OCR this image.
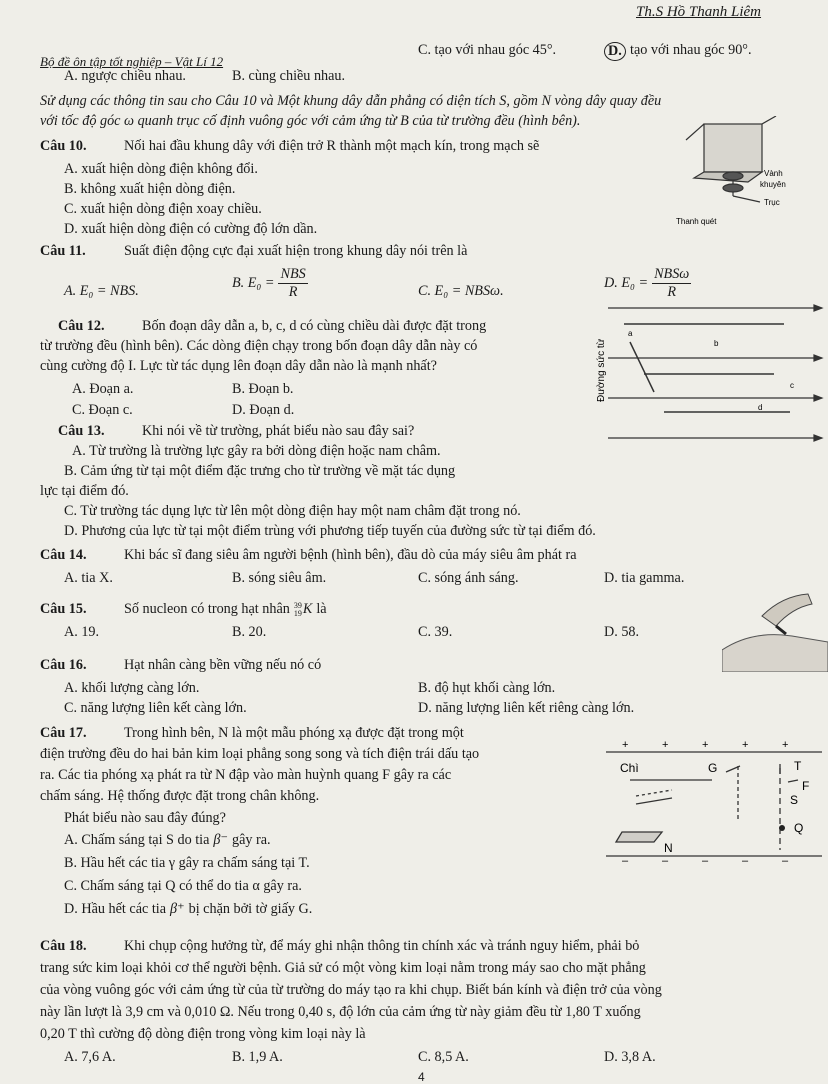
Th.S Hồ Thanh Liêm
Bộ đề ôn tập tốt nghiệp – Vật Lí 12
A. ngược chiều nhau.	B. cùng chiều nhau.
C. tạo với nhau góc 45°.	D. tạo với nhau góc 90°.
Sử dụng các thông tin sau cho Câu 10 và Một khung dây dẫn phẳng có diện tích S, gồm N vòng dây quay đều
với tốc độ góc ω quanh trục cố định vuông góc với cảm ứng từ B của từ trường đều (hình bên).
Câu 10.	Nối hai đầu khung dây với điện trở R thành một mạch kín, trong mạch sẽ
A. xuất hiện dòng điện không đổi.
B. không xuất hiện dòng điện.
C. xuất hiện dòng điện xoay chiều.
D. xuất hiện dòng điện có cường độ lớn dần.
Vành
khuyên
Trục
Thanh quét
Câu 11.	Suất điện động cực đại xuất hiện trong khung dây nói trên là
A. E₀ = NBS.	B. E₀ =
NBS
R	C. E₀ = NBSω.	D. E₀ =
NBSω
R
Câu 12.	Bốn đoạn dây dẫn a, b, c, d có cùng chiều dài được đặt trong
từ trường đều (hình bên). Các dòng điện chạy trong bốn đoạn dây dẫn này có
cùng cường độ I. Lực từ tác dụng lên đoạn dây dẫn nào là mạnh nhất?
A. Đoạn a.	B. Đoạn b.
C. Đoạn c.	D. Đoạn d.
a
b
c
d
Đường sức từ
Câu 13.	Khi nói về từ trường, phát biểu nào sau đây sai?
A. Từ trường là trường lực gây ra bởi dòng điện hoặc nam châm.
B. Cảm ứng từ tại một điểm đặc trưng cho từ trường về mặt tác dụng
lực tại điểm đó.
C. Từ trường tác dụng lực từ lên một dòng điện hay một nam châm đặt trong nó.
D. Phương của lực từ tại một điểm trùng với phương tiếp tuyến của đường sức từ tại điểm đó.
Câu 14.	Khi bác sĩ đang siêu âm người bệnh (hình bên), đầu dò của máy siêu âm phát ra
A. tia X.	B. sóng siêu âm.	C. sóng ánh sáng.	D. tia gamma.
Câu 15.	Số nucleon có trong hạt nhân 39
19 K là
A. 19.	B. 20.	C. 39.	D. 58.
Câu 16.	Hạt nhân càng bền vững nếu nó có
A. khối lượng càng lớn.	B. độ hụt khối càng lớn.
C. năng lượng liên kết càng lớn.	D. năng lượng liên kết riêng càng lớn.
Câu 17.	Trong hình bên, N là một mẫu phóng xạ được đặt trong một
điện trường đều do hai bản kim loại phẳng song song và tích điện trái dấu tạo
ra. Các tia phóng xạ phát ra từ N đập vào màn huỳnh quang F gây ra các
chấm sáng. Hệ thống được đặt trong chân không.
Phát biểu nào sau đây đúng?
A. Chấm sáng tại S do tia β⁻ gây ra.
B. Hầu hết các tia γ gây ra chấm sáng tại T.
C. Chấm sáng tại Q có thể do tia α gây ra.
D. Hầu hết các tia β⁺ bị chặn bởi tờ giấy G.
+	+	+	+	+
–	–	–	–	–
Chì	G	T
F
S
Q
N
Câu 18.	Khi chụp cộng hưởng từ, để máy ghi nhận thông tin chính xác và tránh nguy hiểm, phải bỏ
trang sức kim loại khỏi cơ thể người bệnh. Giả sử có một vòng kim loại nằm trong máy sao cho mặt phẳng
của vòng vuông góc với cảm ứng từ của từ trường do máy tạo ra khi chụp. Biết bán kính và điện trở của vòng
này lần lượt là 3,9 cm và 0,010 Ω. Nếu trong 0,40 s, độ lớn của cảm ứng từ này giảm đều từ 1,80 T xuống
0,20 T thì cường độ dòng điện trong vòng kim loại này là
A. 7,6 A.	B. 1,9 A.	C. 8,5 A.	D. 3,8 A.
4
